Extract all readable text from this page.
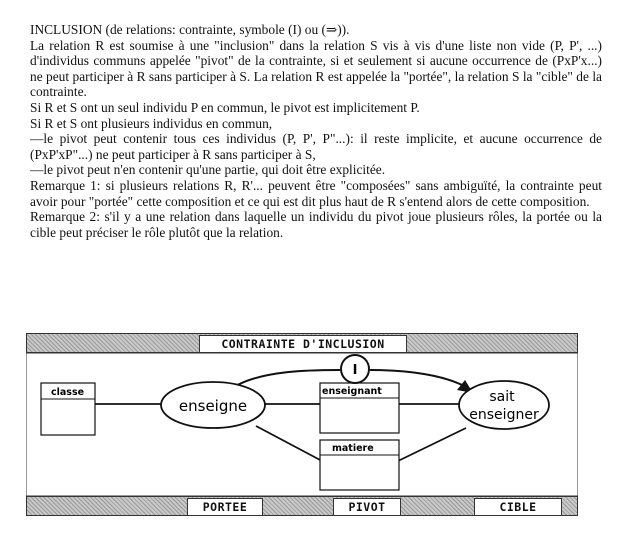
INCLUSION (de relations: contrainte, symbole (I) ou (⇒)).

La relation R est soumise à une "inclusion" dans la relation S vis à vis d'une liste non vide (P, P', ...) d'individus communs appelée "pivot" de la contrainte, si et seulement si aucune occurrence de (PxP'x...) ne peut participer à R sans participer à S. La relation R est appelée la "portée", la relation S la "cible" de la contrainte.

Si R et S ont un seul individu P en commun, le pivot est implicitement P.

Si R et S ont plusieurs individus en commun,

—le pivot peut contenir tous ces individus (P, P', P"...): il reste implicite, et aucune occurrence de (PxP'xP"...) ne peut participer à R sans participer à S,

—le pivot peut n'en contenir qu'une partie, qui doit être explicitée.

Remarque 1: si plusieurs relations R, R'... peuvent être "composées" sans ambiguïté, la contrainte peut avoir pour "portée" cette composition et ce qui est dit plus haut de R s'entend alors de cette composition.

Remarque 2: s'il y a une relation dans laquelle un individu du pivot joue plusieurs rôles, la portée ou la cible peut préciser le rôle plutôt que la relation.

CONTRAINTE D'INCLUSION
classe	enseignant
matiere
enseigne	sait
enseigner
I
PORTEE	PIVOT	CIBLE
